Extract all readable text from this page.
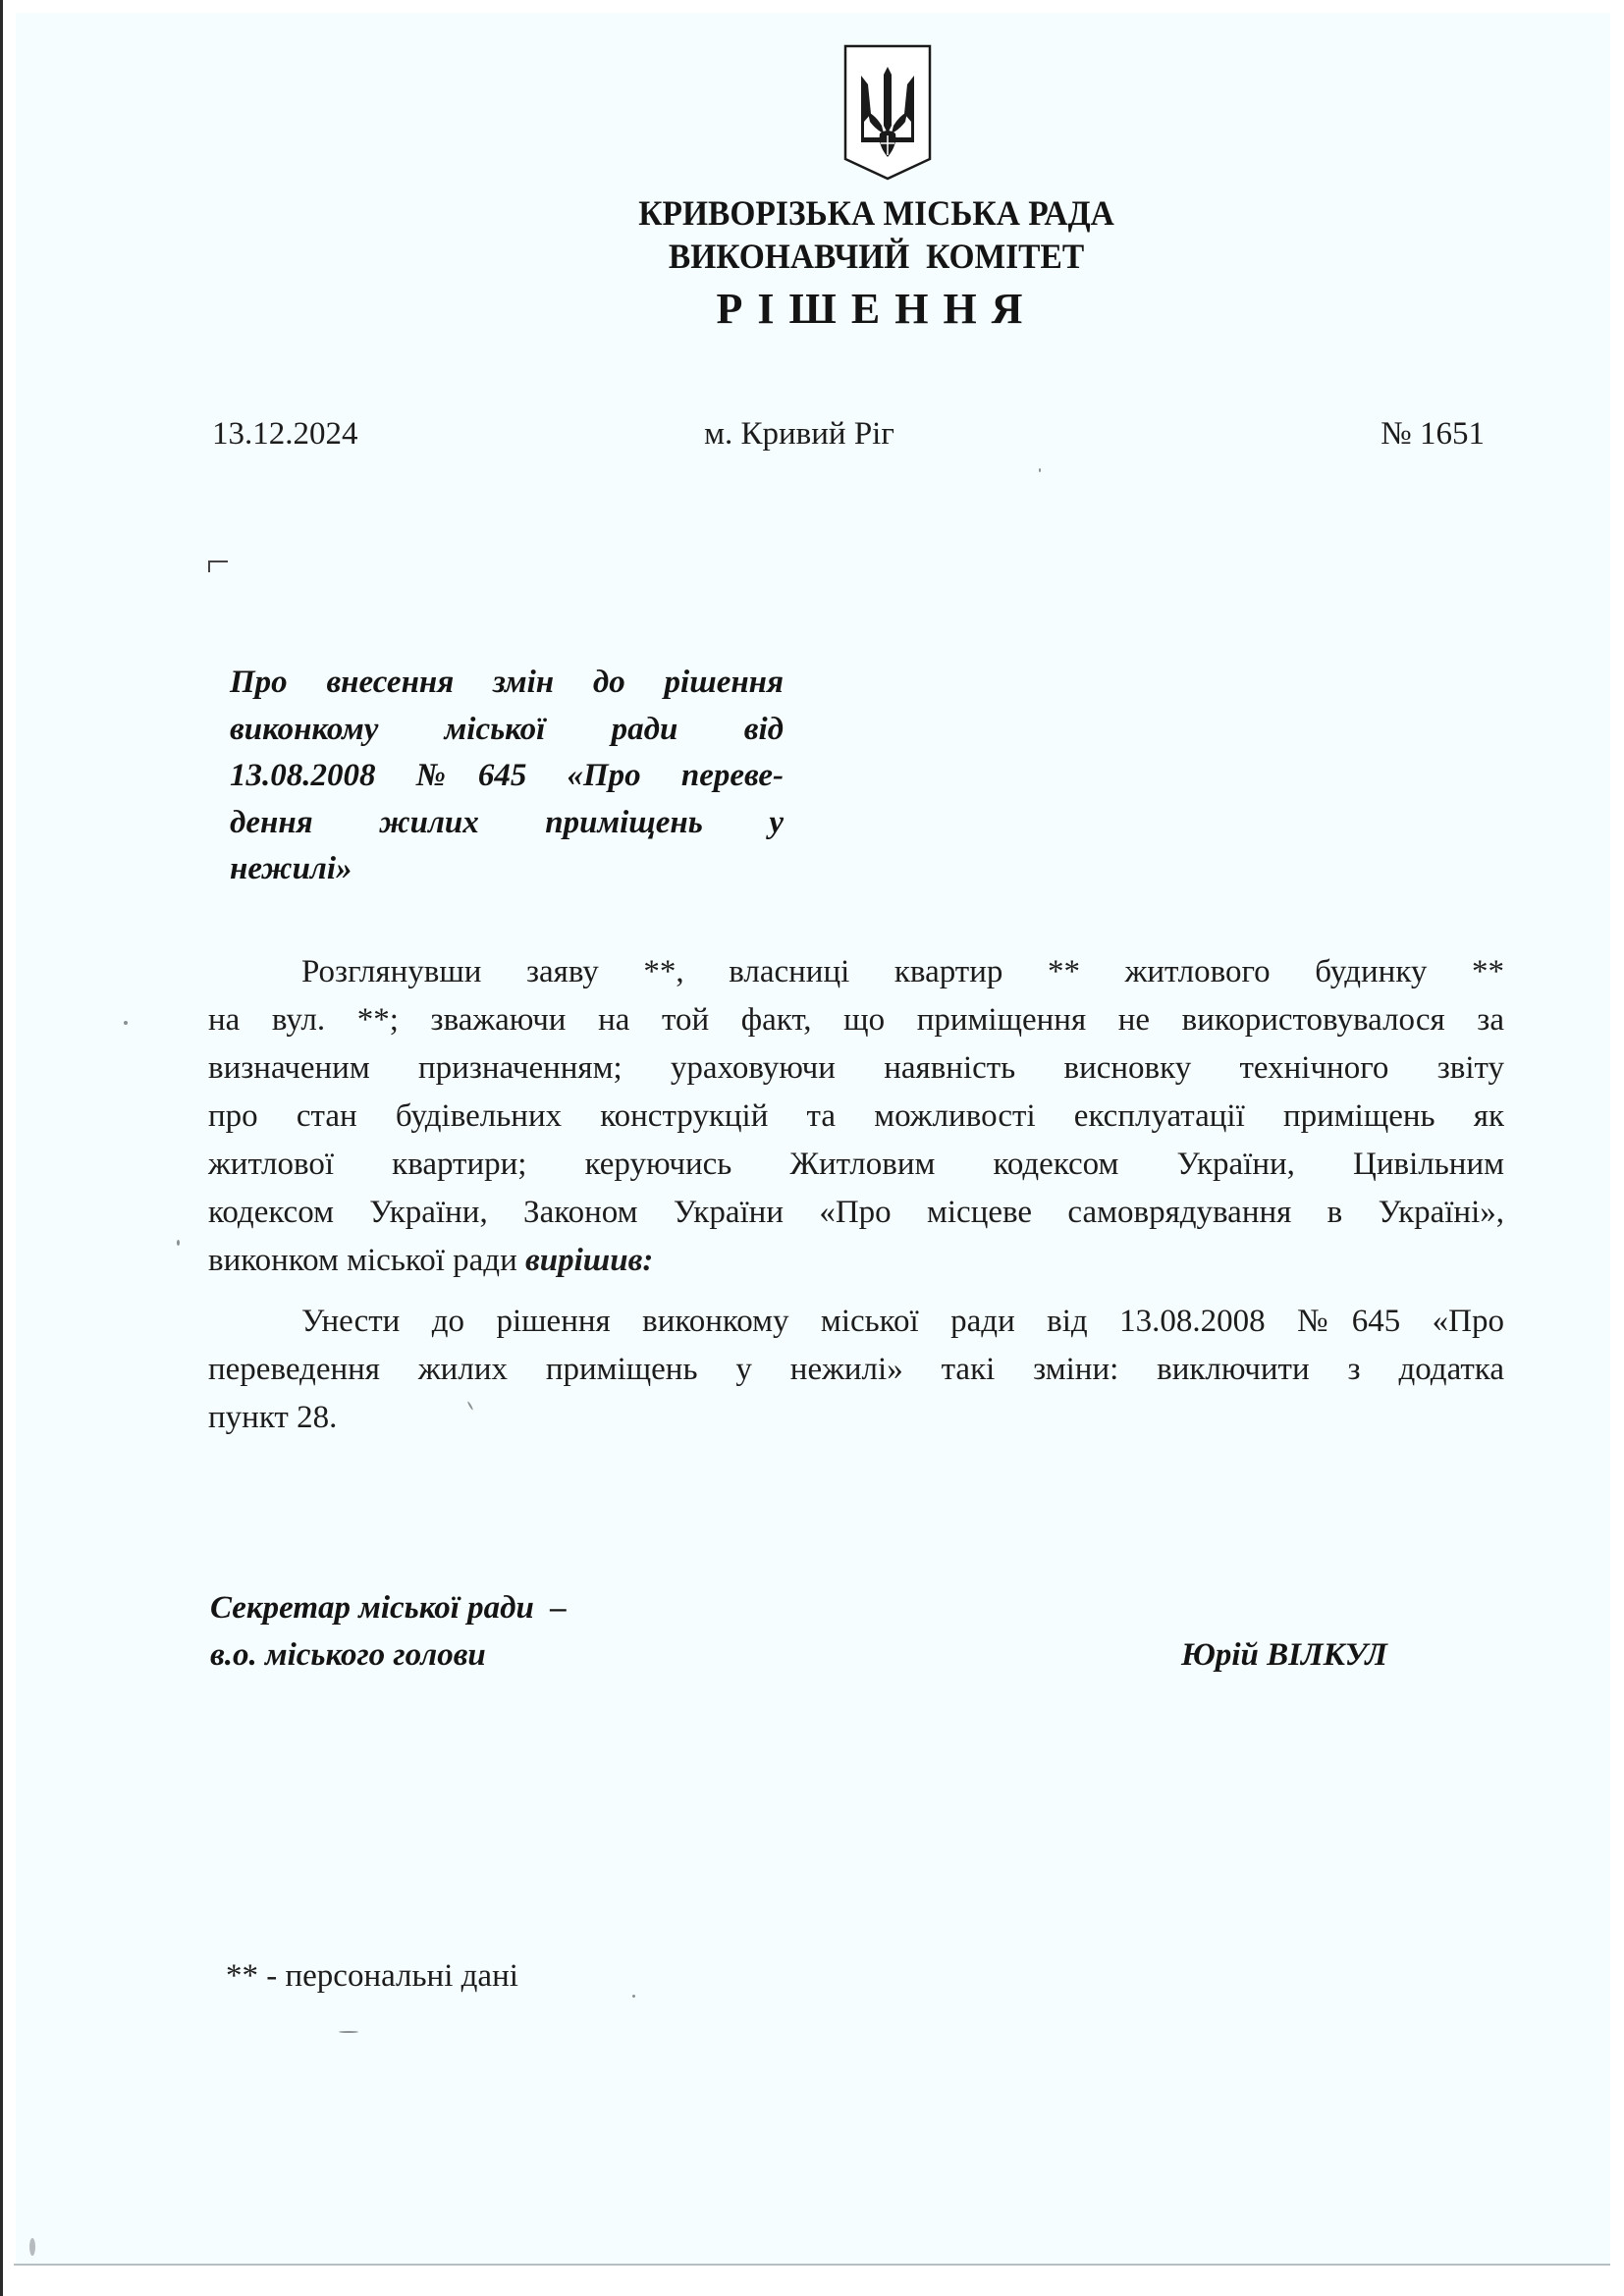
КРИВОРІЗЬКА МІСЬКА РАДА
ВИКОНАВЧИЙ  КОМІТЕТ
РІШЕННЯ
13.12.2024	м. Кривий Ріг	№ 1651
Про внесення змін до рішення
виконкому міської ради від
13.08.2008 №645 «Про переве-
дення жилих приміщень у
нежилі»
Розглянувши заяву **, власниці квартир ** житлового будинку **
на вул. **; зважаючи на той факт, що приміщення не використовувалося за
визначеним призначенням; ураховуючи наявність висновку технічного звіту
про стан будівельних конструкцій та можливості експлуатації приміщень як
житлової квартири; керуючись Житловим кодексом України, Цивільним
кодексом України, Законом України «Про місцеве самоврядування в Україні»,
виконком міської ради вирішив:
Унести до рішення виконкому міської ради від 13.08.2008 №645 «Про
переведення жилих приміщень у нежилі» такі зміни: виключити з додатка
пункт 28.
Секретар міської ради  –
в.о. міського голови	Юрій ВІЛКУЛ
** - персональні дані
